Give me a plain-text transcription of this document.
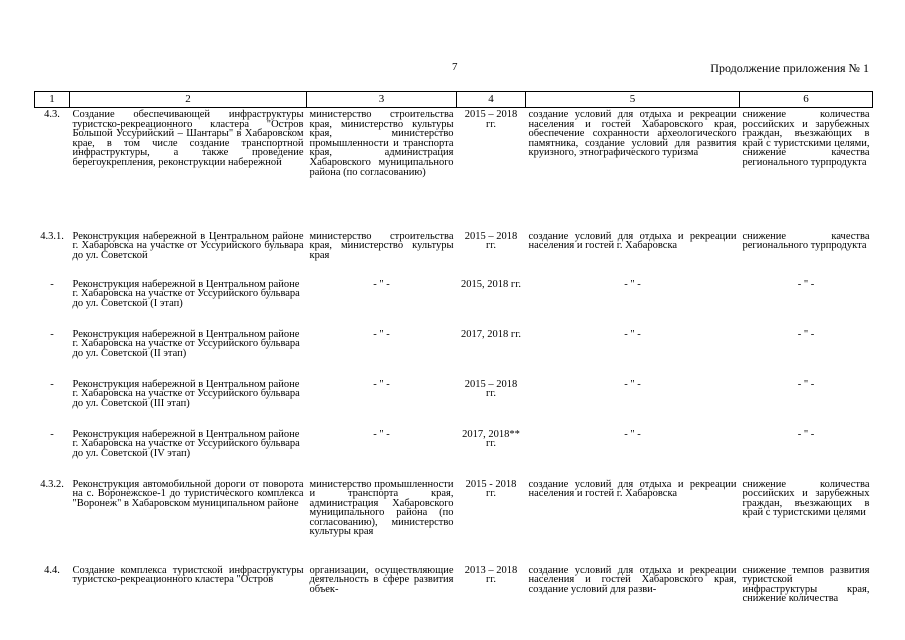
7	Продолжение приложения № 1
1	2	3	4	5	6
4.3.	Создание обеспечивающей инфраструктуры туристско-рекреационного кластера "Остров Большой Уссурийский – Шантары" в Хабаровском крае, в том числе создание транспортной инфраструктуры, а также проведение берегоукрепления, реконструкции набережной	министерство строительства края, министерство культуры края, министерство промышленности и транспорта края, администрация Хабаровского муниципального района (по согласованию)	2015 – 2018 гг.	создание условий для отдыха и рекреации населения и гостей Хабаровского края, обеспечение сохранности археологического памятника, создание условий для развития круизного, этнографического туризма	снижение количества российских и зарубежных граждан, въезжающих в край с туристскими целями, снижение качества регионального турпродукта
4.3.1.	Реконструкция набережной в Центральном районе г. Хабаровска на участке от Уссурийского бульвара до ул. Советской	министерство строительства края, министерство культуры края	2015 – 2018 гг.	создание условий для отдыха и рекреации населения и гостей г. Хабаровска	снижение качества регионального турпродукта
-	Реконструкция набережной в Центральном районе г. Хабаровска на участке от Уссурийского бульвара до ул. Советской (I этап)	- " -	2015, 2018 гг.	- " -	- " -
-	Реконструкция набережной в Центральном районе г. Хабаровска на участке от Уссурийского бульвара до ул. Советской (II этап)	- " -	2017, 2018 гг.	- " -	- " -
-	Реконструкция набережной в Центральном районе г. Хабаровска на участке от Уссурийского бульвара до ул. Советской (III этап)	- " -	2015 – 2018 гг.	- " -	- " -
-	Реконструкция набережной в Центральном районе г. Хабаровска на участке от Уссурийского бульвара до ул. Советской (IV этап)	- " -	2017, 2018** гг.	- " -	- " -
4.3.2.	Реконструкция автомобильной дороги от поворота на с. Воронежское-1 до туристического комплекса "Воронеж" в Хабаровском муниципальном районе	министерство промышленности и транспорта края, администрация Хабаровского муниципального района (по согласованию), министерство культуры края	2015 - 2018 гг.	создание условий для отдыха и рекреации населения и гостей г. Хабаровска	снижение количества российских и зарубежных граждан, въезжающих в край с туристскими целями
4.4.	Создание комплекса туристской инфраструктуры туристско-рекреационного кластера "Остров	организации, осуществляющие деятельность в сфере развития объек-	2013 – 2018 гг.	создание условий для отдыха и рекреации населения и гостей Хабаровского края, создание условий для разви-	снижение темпов развития туристской инфраструктуры края, снижение количества
